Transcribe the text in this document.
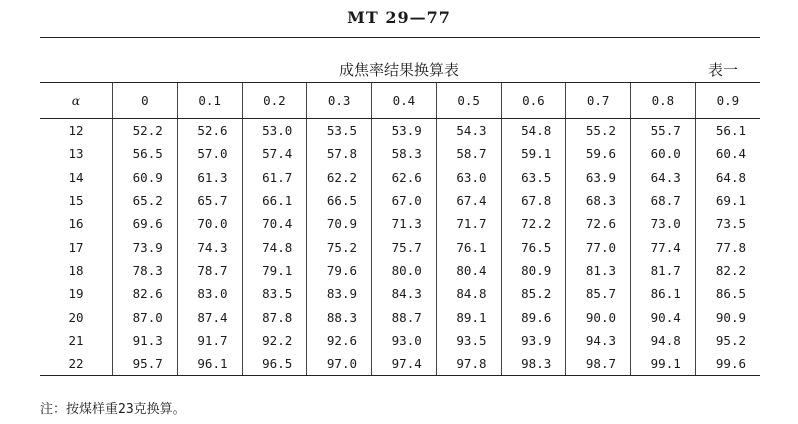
MT 29—77
成焦率结果换算表	表一
α	0	0.1	0.2	0.3	0.4	0.5	0.6	0.7	0.8	0.9
12	52.2	52.6	53.0	53.5	53.9	54.3	54.8	55.2	55.7	56.1
13	56.5	57.0	57.4	57.8	58.3	58.7	59.1	59.6	60.0	60.4
14	60.9	61.3	61.7	62.2	62.6	63.0	63.5	63.9	64.3	64.8
15	65.2	65.7	66.1	66.5	67.0	67.4	67.8	68.3	68.7	69.1
16	69.6	70.0	70.4	70.9	71.3	71.7	72.2	72.6	73.0	73.5
17	73.9	74.3	74.8	75.2	75.7	76.1	76.5	77.0	77.4	77.8
18	78.3	78.7	79.1	79.6	80.0	80.4	80.9	81.3	81.7	82.2
19	82.6	83.0	83.5	83.9	84.3	84.8	85.2	85.7	86.1	86.5
20	87.0	87.4	87.8	88.3	88.7	89.1	89.6	90.0	90.4	90.9
21	91.3	91.7	92.2	92.6	93.0	93.5	93.9	94.3	94.8	95.2
22	95.7	96.1	96.5	97.0	97.4	97.8	98.3	98.7	99.1	99.6
注：按煤样重23克换算。
